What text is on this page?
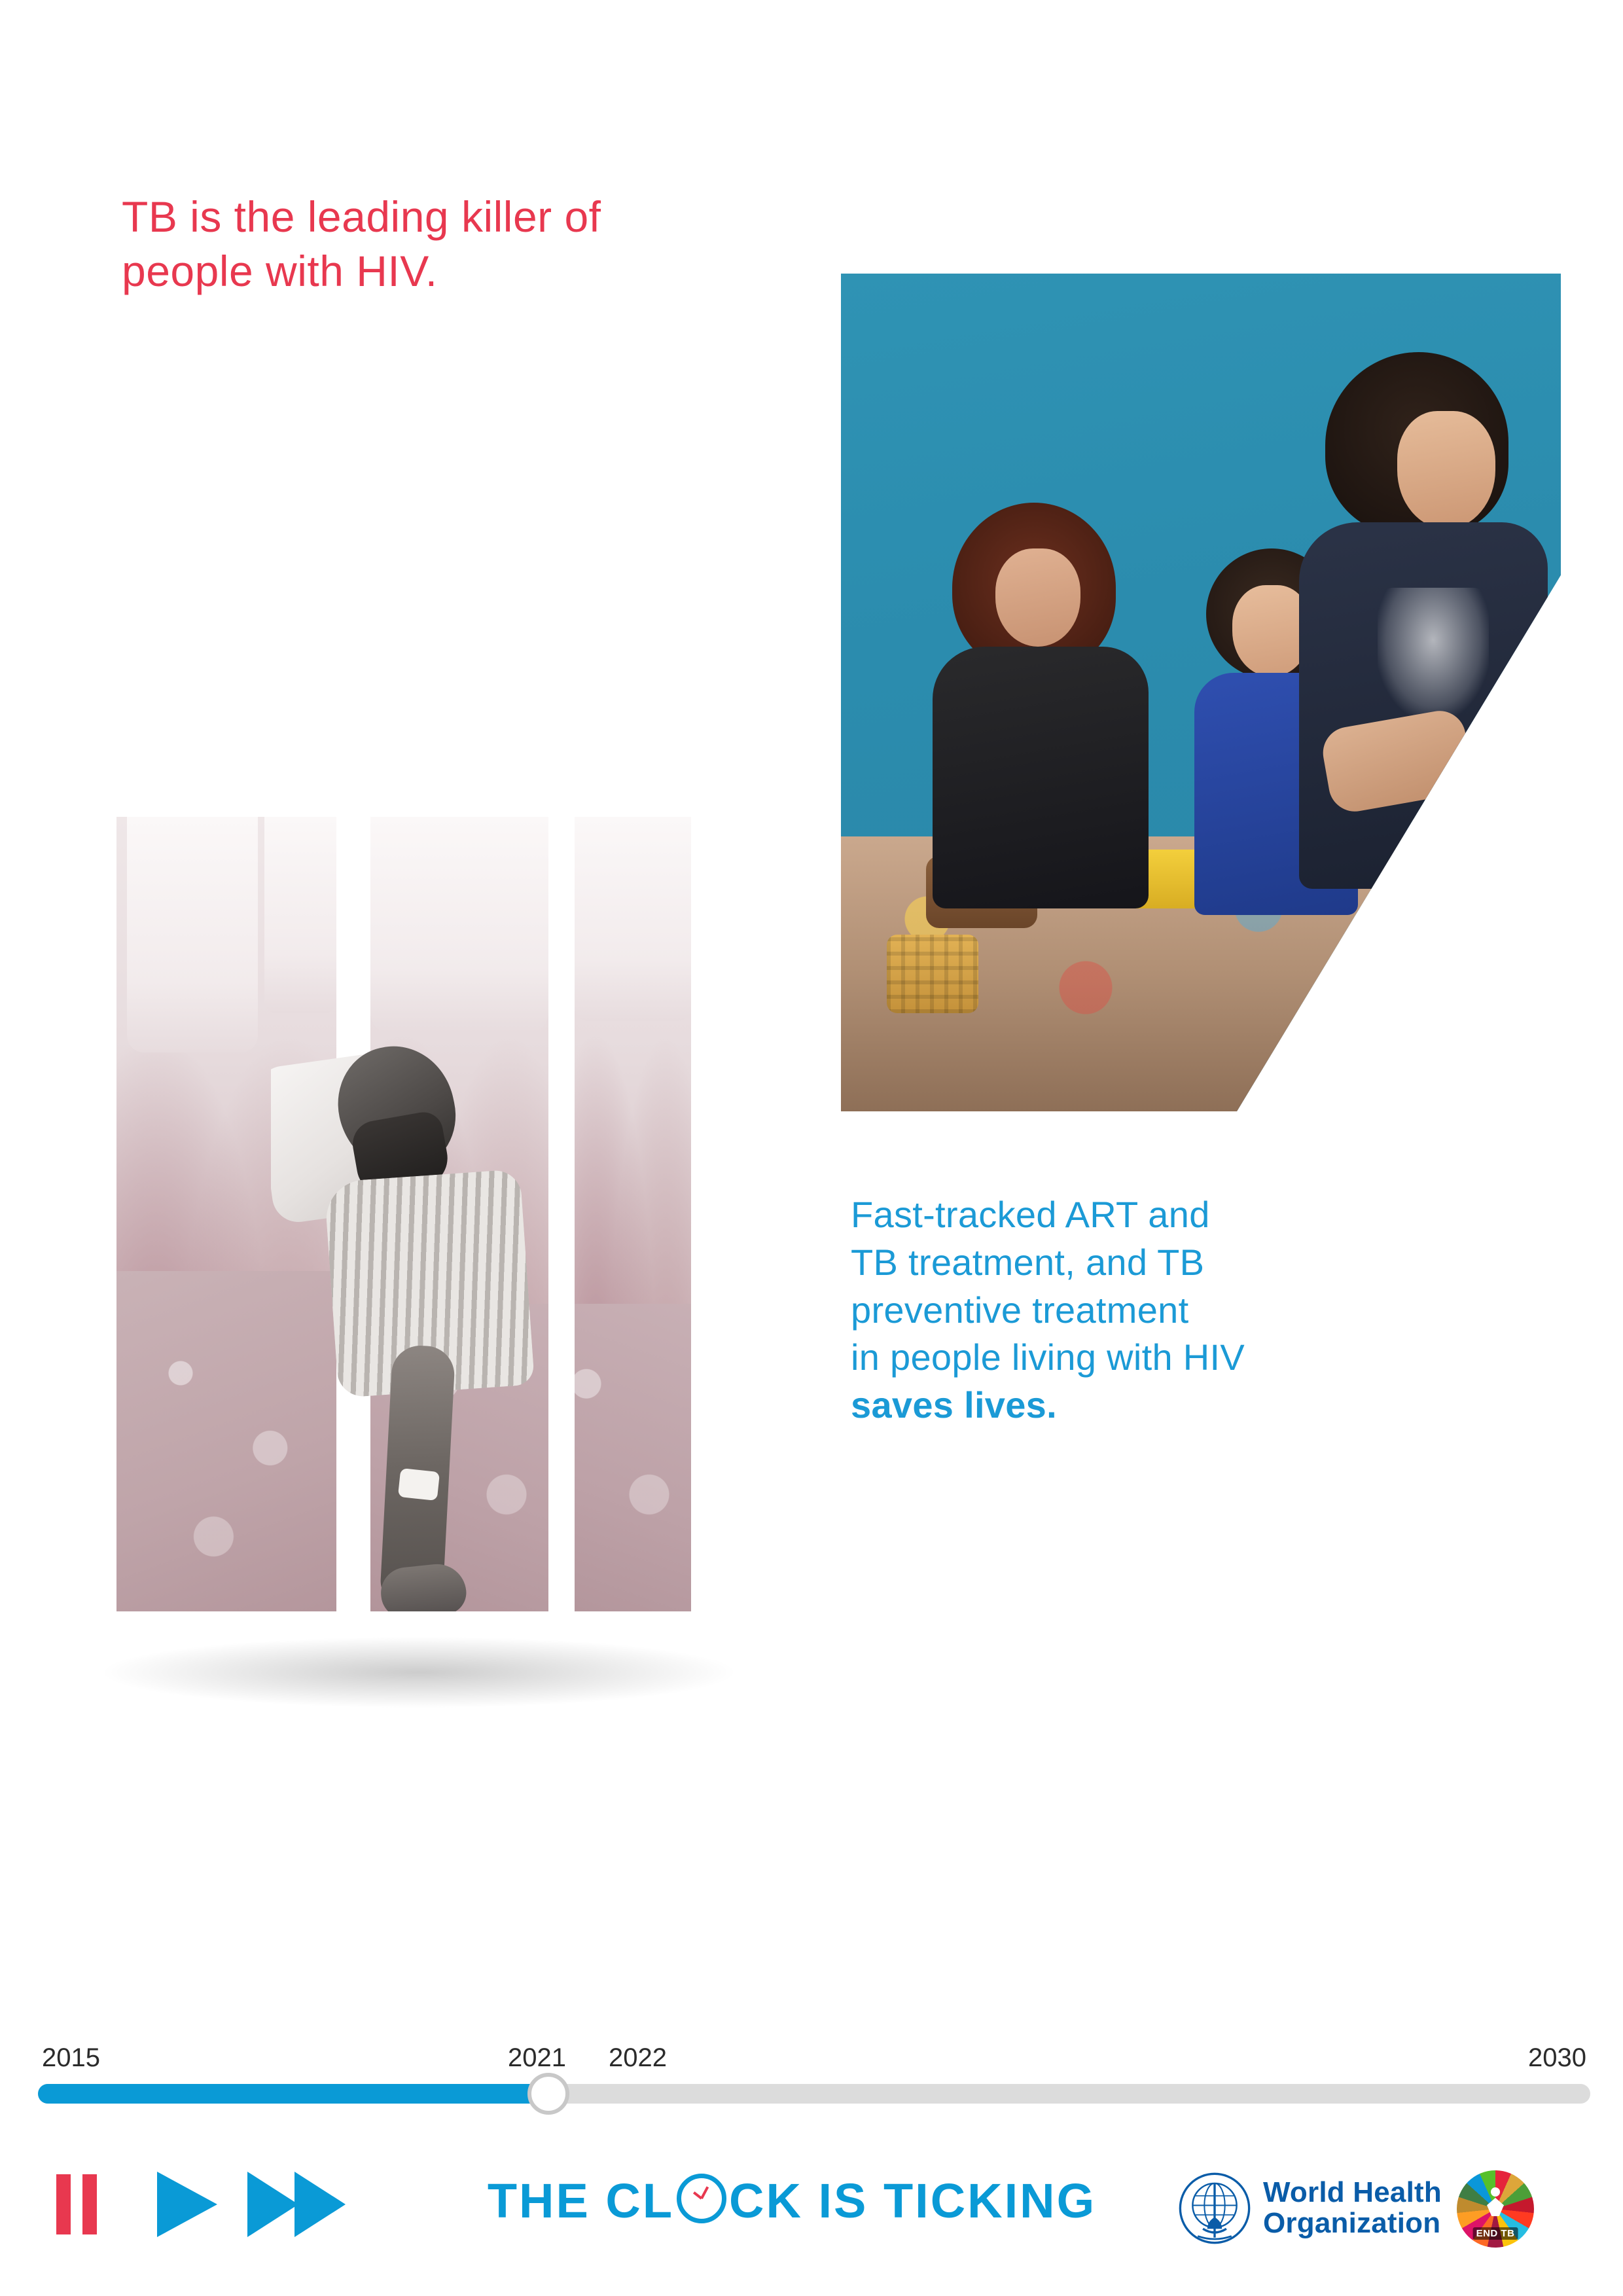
TB is the leading killer of people with HIV.
Fast-tracked ART and
TB treatment, and TB
preventive treatment
in people living with HIV
saves lives.
2015	2021 2022	2030
THE CL CK IS TICKING	World Health
Organization	END TB
